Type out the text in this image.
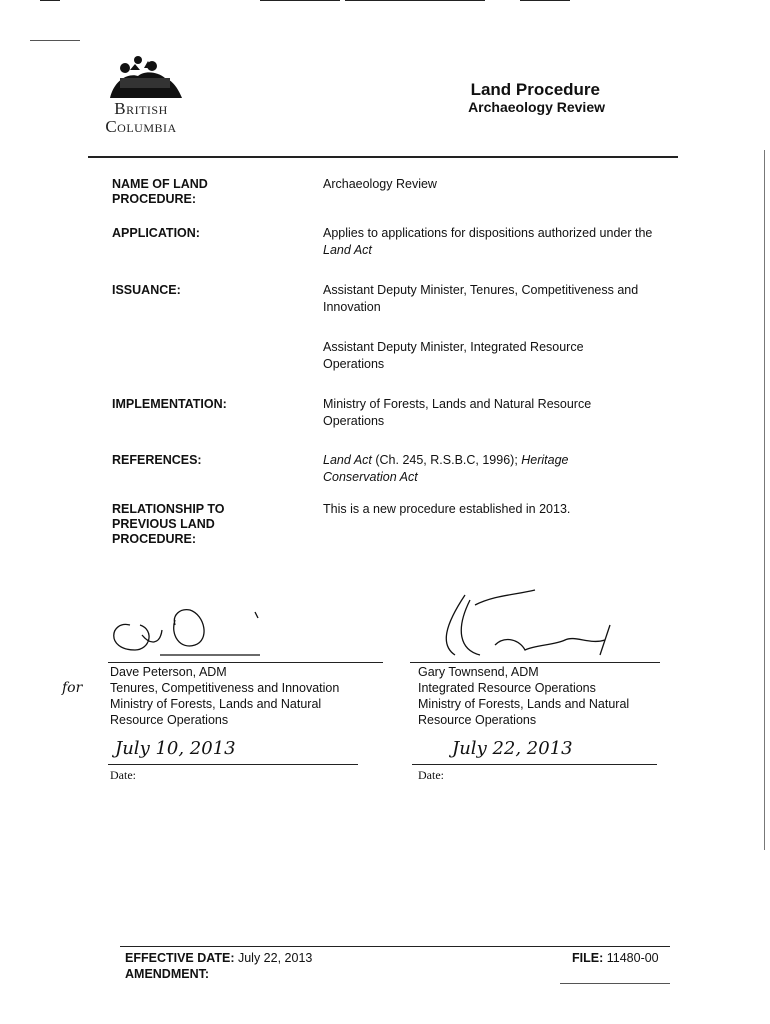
British
Columbia
Land Procedure
Archaeology Review
NAME OF LAND PROCEDURE:
Archaeology Review
APPLICATION:	Applies to applications for dispositions authorized under the Land Act
ISSUANCE:	Assistant Deputy Minister, Tenures, Competitiveness and Innovation
Assistant Deputy Minister, Integrated Resource Operations
IMPLEMENTATION:	Ministry of Forests, Lands and Natural Resource Operations
REFERENCES:	Land Act (Ch. 245, R.S.B.C, 1996); Heritage Conservation Act
RELATIONSHIP TO PREVIOUS LAND PROCEDURE:
This is a new procedure established in 2013.
for
Dave Peterson, ADM
Tenures, Competitiveness and Innovation
Ministry of Forests, Lands and Natural
Resource Operations
July 10, 2013
Date:
Gary Townsend, ADM
Integrated Resource Operations
Ministry of Forests, Lands and Natural
Resource Operations
July 22, 2013
Date:
EFFECTIVE DATE: July 22, 2013
AMENDMENT:
FILE: 11480-00
